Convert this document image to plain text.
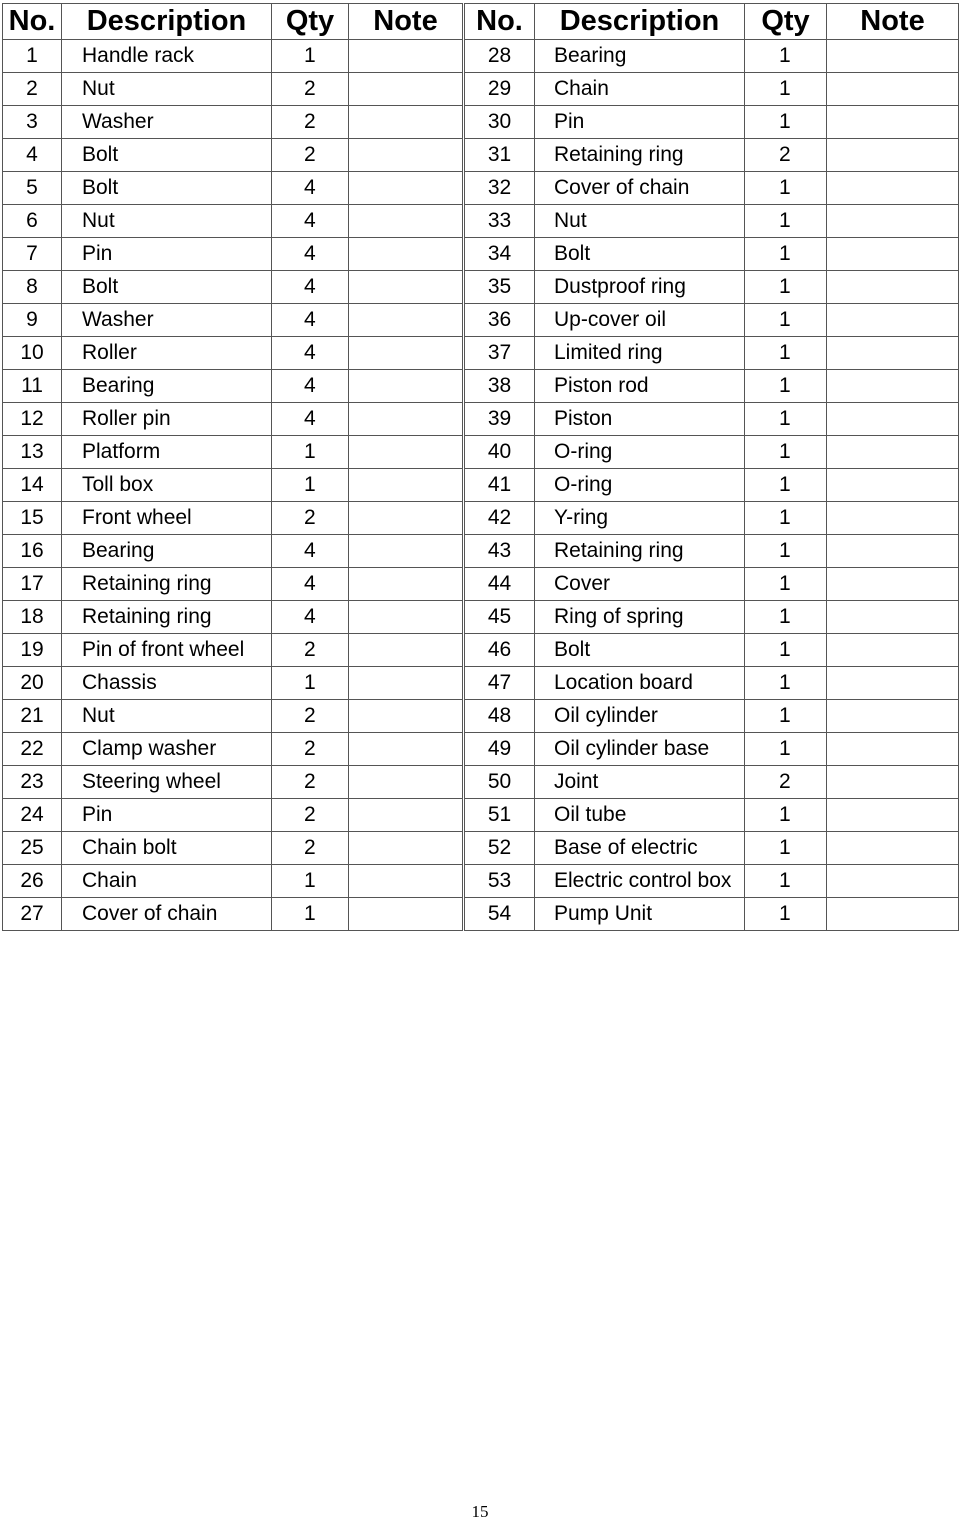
No.	Description	Qty	Note	No.	Description	Qty	Note
1	Handle rack	1		28	Bearing	1	
2	Nut	2		29	Chain	1	
3	Washer	2		30	Pin	1	
4	Bolt	2		31	Retaining ring	2	
5	Bolt	4		32	Cover of chain	1	
6	Nut	4		33	Nut	1	
7	Pin	4		34	Bolt	1	
8	Bolt	4		35	Dustproof ring	1	
9	Washer	4		36	Up-cover oil	1	
10	Roller	4		37	Limited ring	1	
11	Bearing	4		38	Piston rod	1	
12	Roller pin	4		39	Piston	1	
13	Platform	1		40	O-ring	1	
14	Toll box	1		41	O-ring	1	
15	Front wheel	2		42	Y-ring	1	
16	Bearing	4		43	Retaining ring	1	
17	Retaining ring	4		44	Cover	1	
18	Retaining ring	4		45	Ring of spring	1	
19	Pin of front wheel	2		46	Bolt	1	
20	Chassis	1		47	Location board	1	
21	Nut	2		48	Oil cylinder	1	
22	Clamp washer	2		49	Oil cylinder base	1	
23	Steering wheel	2		50	Joint	2	
24	Pin	2		51	Oil tube	1	
25	Chain bolt	2		52	Base of electric	1	
26	Chain	1		53	Electric control box	1	
27	Cover of chain	1		54	Pump Unit	1	
15
